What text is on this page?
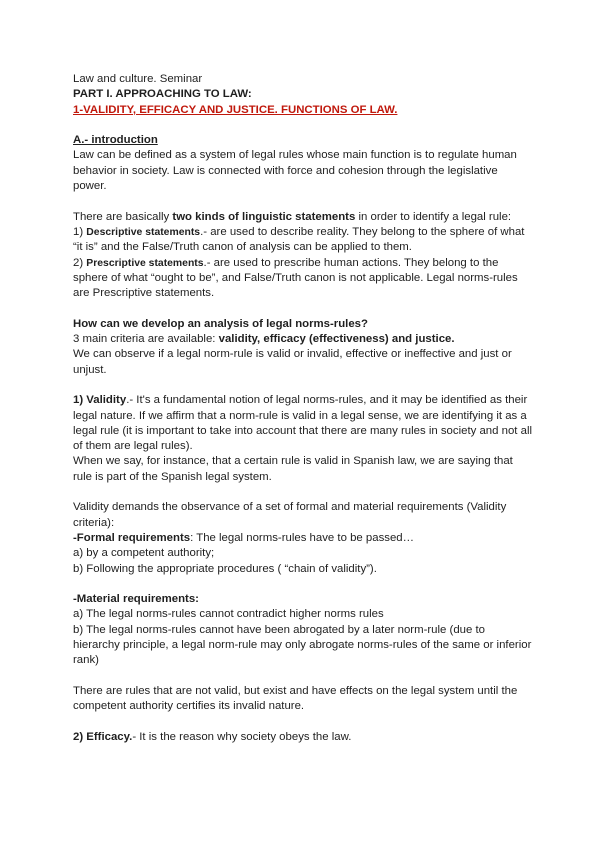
Law and culture. Seminar

PART I. APPROACHING TO LAW:

1-VALIDITY, EFFICACY AND JUSTICE. FUNCTIONS OF LAW.

A.- introduction

Law can be defined as a system of legal rules whose main function is to regulate human behavior in society. Law is connected with force and cohesion through the legislative power.

There are basically two kinds of linguistic statements in order to identify a legal rule:

1) Descriptive statements.- are used to describe reality. They belong to the sphere of what “it is” and the False/Truth canon of analysis can be applied to them.

2) Prescriptive statements.- are used to prescribe human actions. They belong to the sphere of what “ought to be”, and False/Truth canon is not applicable. Legal norms-rules are Prescriptive statements.

How can we develop an analysis of legal norms-rules?

3 main criteria are available: validity, efficacy (effectiveness) and justice.

We can observe if a legal norm-rule is valid or invalid, effective or ineffective and just or unjust.

1) Validity.- It's a fundamental notion of legal norms-rules, and it may be identified as their legal nature. If we affirm that a norm-rule is valid in a legal sense, we are identifying it as a legal rule (it is important to take into account that there are many rules in society and not all of them are legal rules).

When we say, for instance, that a certain rule is valid in Spanish law, we are saying that rule is part of the Spanish legal system.

Validity demands the observance of a set of formal and material requirements (Validity criteria):

-Formal requirements: The legal norms-rules have to be passed…

a) by a competent authority;

b) Following the appropriate procedures ( “chain of validity”).

-Material requirements:

a) The legal norms-rules cannot contradict higher norms rules

b) The legal norms-rules cannot have been abrogated by a later norm-rule (due to hierarchy principle, a legal norm-rule may only abrogate norms-rules of the same or inferior rank)

There are rules that are not valid, but exist and have effects on the legal system until the competent authority certifies its invalid nature.

2) Efficacy.- It is the reason why society obeys the law.
